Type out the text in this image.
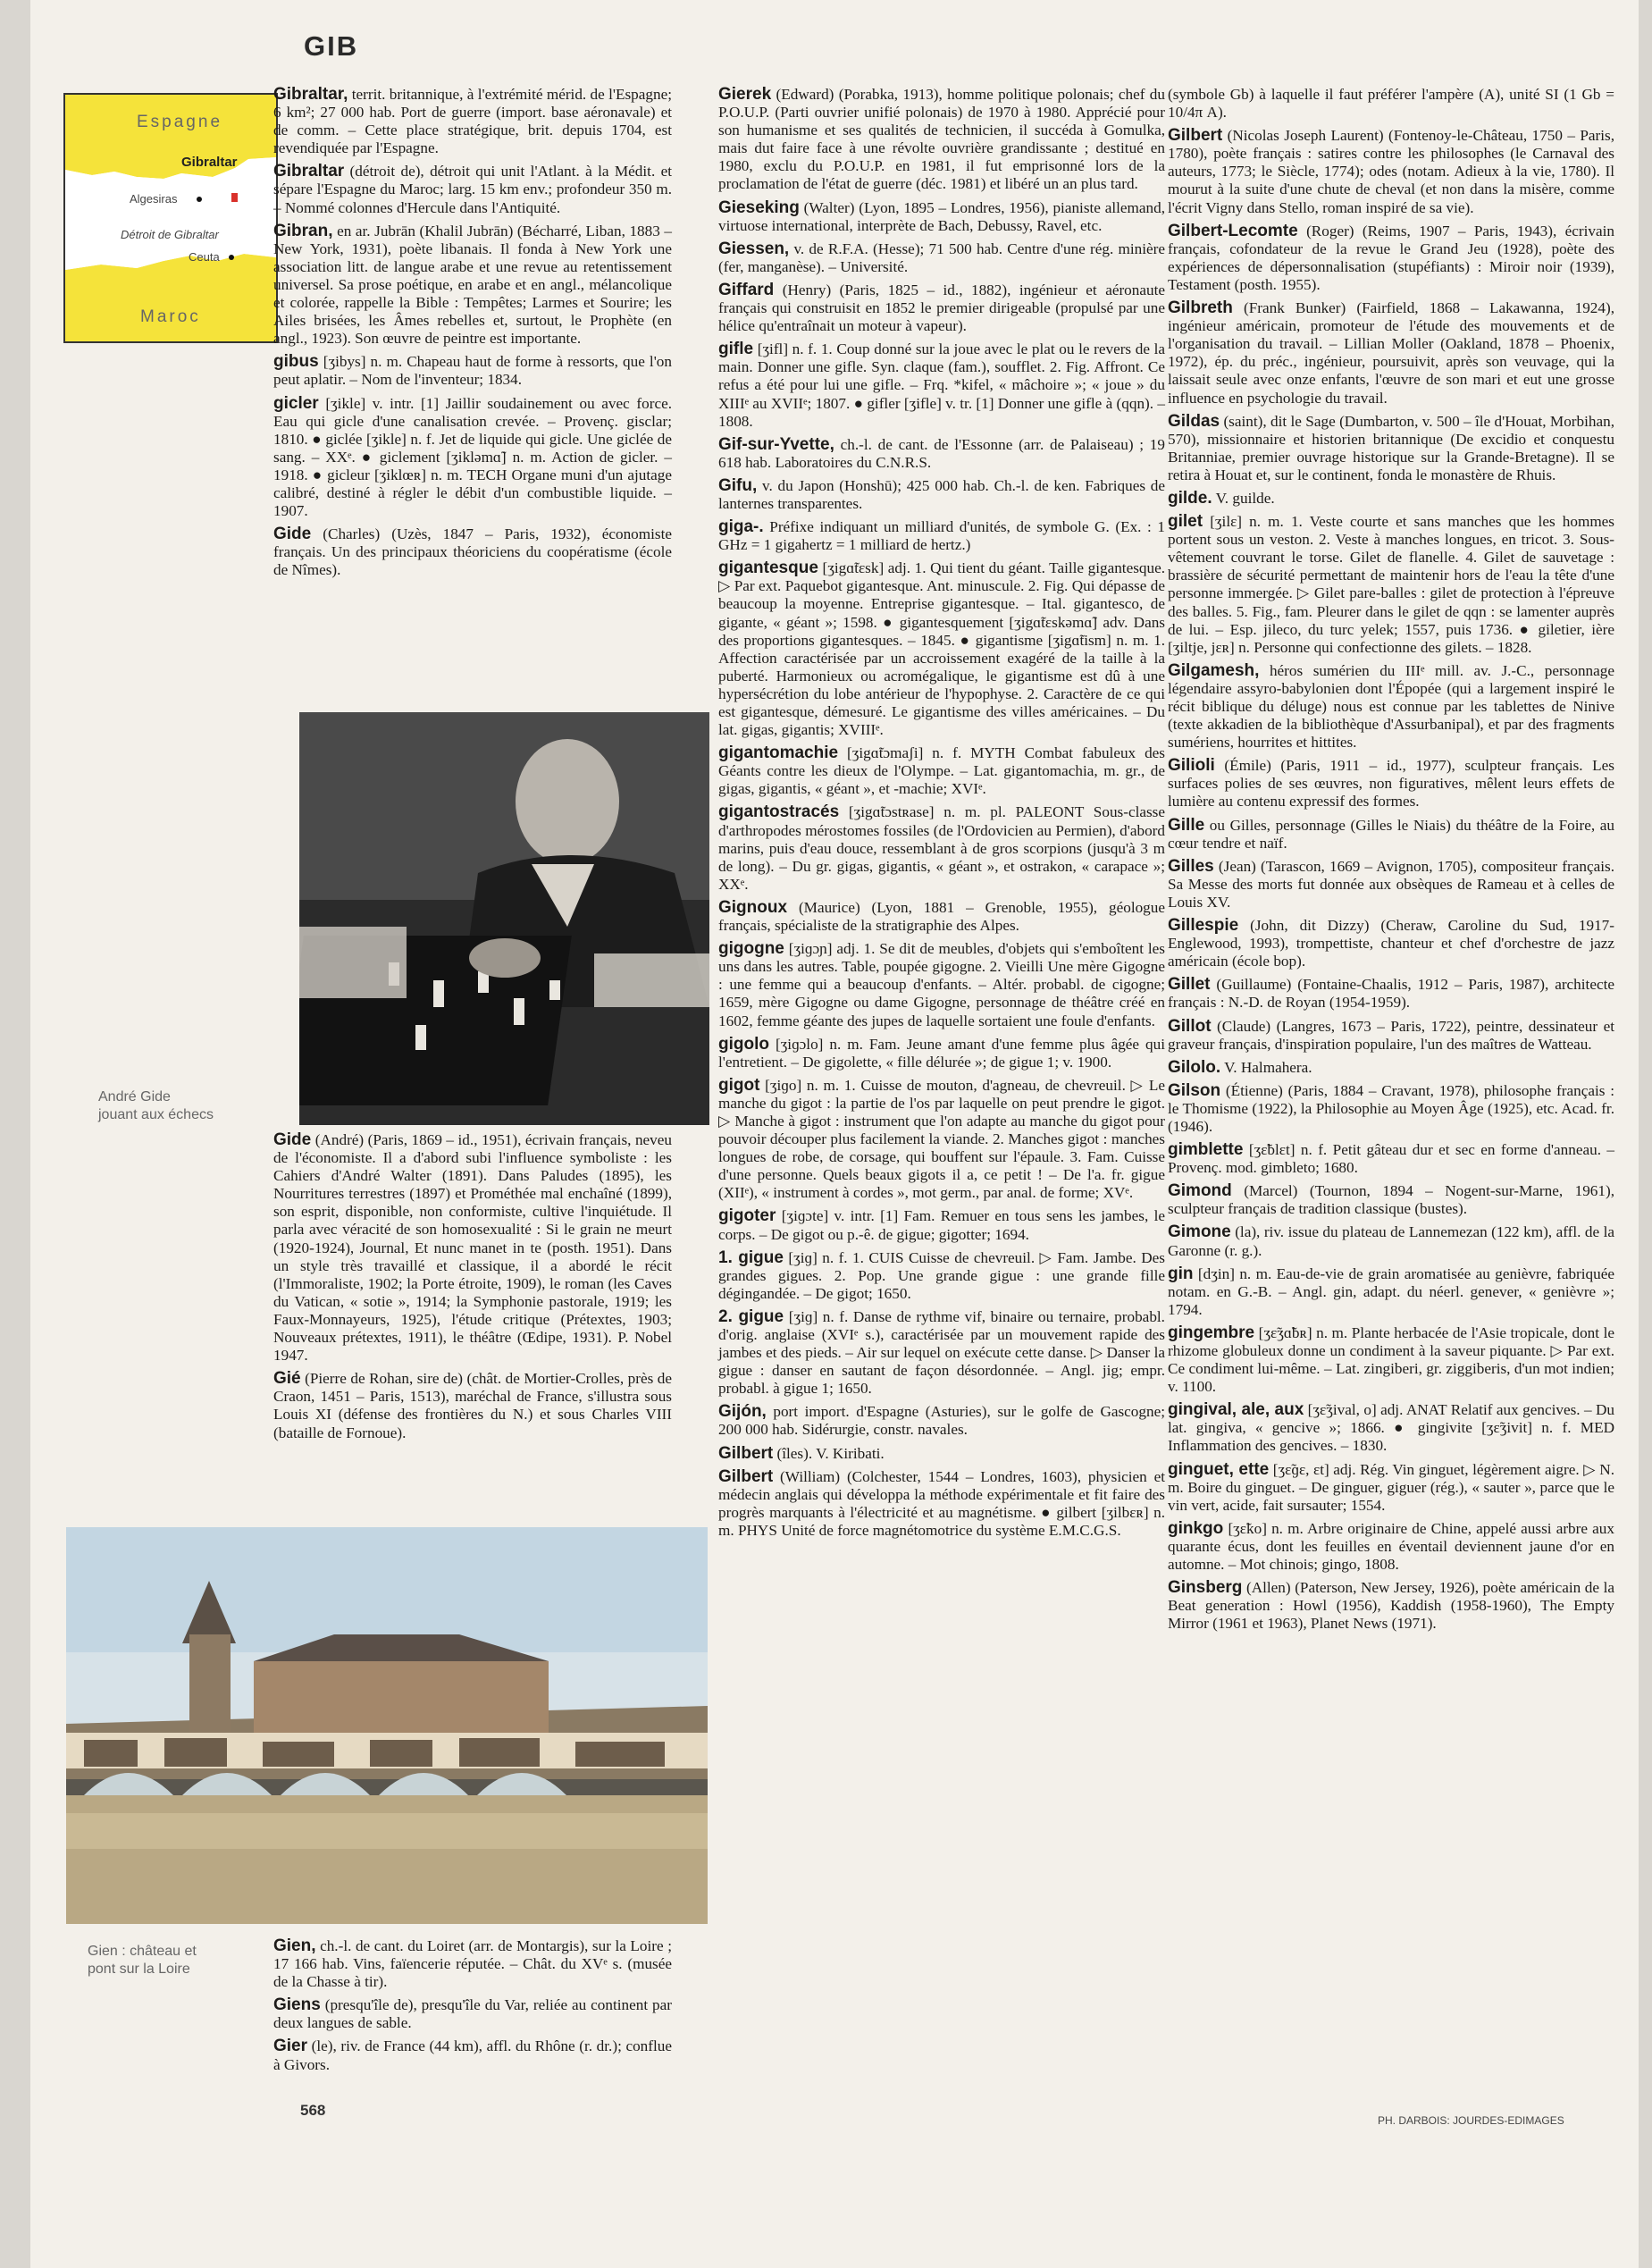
GIB
Espagne
Gibraltar
Algesiras
Détroit de Gibraltar
Ceuta
Maroc
Gibraltar, territ. britannique, à l'extrémité mérid. de l'Espagne; 6 km²; 27 000 hab. Port de guerre (import. base aéronavale) et de comm. – Cette place stratégique, brit. depuis 1704, est revendiquée par l'Espagne.
Gibraltar (détroit de), détroit qui unit l'Atlant. à la Médit. et sépare l'Espagne du Maroc; larg. 15 km env.; profondeur 350 m. – Nommé colonnes d'Hercule dans l'Antiquité.
Gibran, en ar. Jubrān (Khalil Jubrān) (Bécharré, Liban, 1883 – New York, 1931), poète libanais. Il fonda à New York une association litt. de langue arabe et une revue au retentissement universel. Sa prose poétique, en arabe et en angl., mélancolique et colorée, rappelle la Bible : Tempêtes; Larmes et Sourire; les Ailes brisées, les Âmes rebelles et, surtout, le Prophète (en angl., 1923). Son œuvre de peintre est importante.
gibus [ʒibys] n. m. Chapeau haut de forme à ressorts, que l'on peut aplatir. – Nom de l'inventeur; 1834.
gicler [ʒikle] v. intr. [1] Jaillir soudainement ou avec force. Eau qui gicle d'une canalisation crevée. – Provenç. gisclar; 1810. ● giclée [ʒikle] n. f. Jet de liquide qui gicle. Une giclée de sang. – XXᵉ. ● giclement [ʒikləmɑ̃] n. m. Action de gicler. – 1918. ● gicleur [ʒiklœʀ] n. m. TECH Organe muni d'un ajutage calibré, destiné à régler le débit d'un combustible liquide. – 1907.
Gide (Charles) (Uzès, 1847 – Paris, 1932), économiste français. Un des principaux théoriciens du coopératisme (école de Nîmes).
André Gide
jouant aux échecs
Gide (André) (Paris, 1869 – id., 1951), écrivain français, neveu de l'économiste. Il a d'abord subi l'influence symboliste : les Cahiers d'André Walter (1891). Dans Paludes (1895), les Nourritures terrestres (1897) et Prométhée mal enchaîné (1899), son esprit, disponible, non conformiste, cultive l'inquiétude. Il parla avec véracité de son homosexualité : Si le grain ne meurt (1920-1924), Journal, Et nunc manet in te (posth. 1951). Dans un style très travaillé et classique, il a abordé le récit (l'Immoraliste, 1902; la Porte étroite, 1909), le roman (les Caves du Vatican, « sotie », 1914; la Symphonie pastorale, 1919; les Faux-Monnayeurs, 1925), l'étude critique (Prétextes, 1903; Nouveaux prétextes, 1911), le théâtre (Œdipe, 1931). P. Nobel 1947.
Gié (Pierre de Rohan, sire de) (chât. de Mortier-Crolles, près de Craon, 1451 – Paris, 1513), maréchal de France, s'illustra sous Louis XI (défense des frontières du N.) et sous Charles VIII (bataille de Fornoue).
Gien : château et
pont sur la Loire
Gien, ch.-l. de cant. du Loiret (arr. de Montargis), sur la Loire ; 17 166 hab. Vins, faïencerie réputée. – Chât. du XVᵉ s. (musée de la Chasse à tir).
Giens (presqu'île de), presqu'île du Var, reliée au continent par deux langues de sable.
Gier (le), riv. de France (44 km), affl. du Rhône (r. dr.); conflue à Givors.
Gierek (Edward) (Porabka, 1913), homme politique polonais; chef du P.O.U.P. (Parti ouvrier unifié polonais) de 1970 à 1980. Apprécié pour son humanisme et ses qualités de technicien, il succéda à Gomulka, mais dut faire face à une révolte ouvrière grandissante ; destitué en 1980, exclu du P.O.U.P. en 1981, il fut emprisonné lors de la proclamation de l'état de guerre (déc. 1981) et libéré un an plus tard.
Gieseking (Walter) (Lyon, 1895 – Londres, 1956), pianiste allemand, virtuose international, interprète de Bach, Debussy, Ravel, etc.
Giessen, v. de R.F.A. (Hesse); 71 500 hab. Centre d'une rég. minière (fer, manganèse). – Université.
Giffard (Henry) (Paris, 1825 – id., 1882), ingénieur et aéronaute français qui construisit en 1852 le premier dirigeable (propulsé par une hélice qu'entraînait un moteur à vapeur).
gifle [ʒifl] n. f. 1. Coup donné sur la joue avec le plat ou le revers de la main. Donner une gifle. Syn. claque (fam.), soufflet. 2. Fig. Affront. Ce refus a été pour lui une gifle. – Frq. *kifel, « mâchoire »; « joue » du XIIIᵉ au XVIIᵉ; 1807. ● gifler [ʒifle] v. tr. [1] Donner une gifle à (qqn). – 1808.
Gif-sur-Yvette, ch.-l. de cant. de l'Essonne (arr. de Palaiseau) ; 19 618 hab. Laboratoires du C.N.R.S.
Gifu, v. du Japon (Honshū); 425 000 hab. Ch.-l. de ken. Fabriques de lanternes transparentes.
giga-. Préfixe indiquant un milliard d'unités, de symbole G. (Ex. : 1 GHz = 1 gigahertz = 1 milliard de hertz.)
gigantesque [ʒigɑ̃tɛsk] adj. 1. Qui tient du géant. Taille gigantesque. ▷ Par ext. Paquebot gigantesque. Ant. minuscule. 2. Fig. Qui dépasse de beaucoup la moyenne. Entreprise gigantesque. – Ital. gigantesco, de gigante, « géant »; 1598. ● gigantesquement [ʒigɑ̃tɛskəmɑ̃] adv. Dans des proportions gigantesques. – 1845. ● gigantisme [ʒigɑ̃tism] n. m. 1. Affection caractérisée par un accroissement exagéré de la taille à la puberté. Harmonieux ou acromégalique, le gigantisme est dû à une hypersécrétion du lobe antérieur de l'hypophyse. 2. Caractère de ce qui est gigantesque, démesuré. Le gigantisme des villes américaines. – Du lat. gigas, gigantis; XVIIIᵉ.
gigantomachie [ʒigɑ̃tɔmaʃi] n. f. MYTH Combat fabuleux des Géants contre les dieux de l'Olympe. – Lat. gigantomachia, m. gr., de gigas, gigantis, « géant », et -machie; XVIᵉ.
gigantostracés [ʒigɑ̃tɔstʀase] n. m. pl. PALEONT Sous-classe d'arthropodes mérostomes fossiles (de l'Ordovicien au Permien), d'abord marins, puis d'eau douce, ressemblant à de gros scorpions (jusqu'à 3 m de long). – Du gr. gigas, gigantis, « géant », et ostrakon, « carapace »; XXᵉ.
Gignoux (Maurice) (Lyon, 1881 – Grenoble, 1955), géologue français, spécialiste de la stratigraphie des Alpes.
gigogne [ʒiɡɔɲ] adj. 1. Se dit de meubles, d'objets qui s'emboîtent les uns dans les autres. Table, poupée gigogne. 2. Vieilli Une mère Gigogne : une femme qui a beaucoup d'enfants. – Altér. probabl. de cigogne; 1659, mère Gigogne ou dame Gigogne, personnage de théâtre créé en 1602, femme géante des jupes de laquelle sortaient une foule d'enfants.
gigolo [ʒiɡɔlo] n. m. Fam. Jeune amant d'une femme plus âgée qui l'entretient. – De gigolette, « fille délurée »; de gigue 1; v. 1900.
gigot [ʒiɡo] n. m. 1. Cuisse de mouton, d'agneau, de chevreuil. ▷ Le manche du gigot : la partie de l'os par laquelle on peut prendre le gigot. ▷ Manche à gigot : instrument que l'on adapte au manche du gigot pour pouvoir découper plus facilement la viande. 2. Manches gigot : manches longues de robe, de corsage, qui bouffent sur l'épaule. 3. Fam. Cuisse d'une personne. Quels beaux gigots il a, ce petit ! – De l'a. fr. gigue (XIIᵉ), « instrument à cordes », mot germ., par anal. de forme; XVᵉ.
gigoter [ʒiɡɔte] v. intr. [1] Fam. Remuer en tous sens les jambes, le corps. – De gigot ou p.-ê. de gigue; gigotter; 1694.
1. gigue [ʒiɡ] n. f. 1. CUIS Cuisse de chevreuil. ▷ Fam. Jambe. Des grandes gigues. 2. Pop. Une grande gigue : une grande fille dégingandée. – De gigot; 1650.
2. gigue [ʒiɡ] n. f. Danse de rythme vif, binaire ou ternaire, probabl. d'orig. anglaise (XVIᵉ s.), caractérisée par un mouvement rapide des jambes et des pieds. – Air sur lequel on exécute cette danse. ▷ Danser la gigue : danser en sautant de façon désordonnée. – Angl. jig; empr. probabl. à gigue 1; 1650.
Gijón, port import. d'Espagne (Asturies), sur le golfe de Gascogne; 200 000 hab. Sidérurgie, constr. navales.
Gilbert (îles). V. Kiribati.
Gilbert (William) (Colchester, 1544 – Londres, 1603), physicien et médecin anglais qui développa la méthode expérimentale et fit faire des progrès marquants à l'électricité et au magnétisme. ● gilbert [ʒilbɛʀ] n. m. PHYS Unité de force magnétomotrice du système E.M.C.G.S.
(symbole Gb) à laquelle il faut préférer l'ampère (A), unité SI (1 Gb = 10/4π A).
Gilbert (Nicolas Joseph Laurent) (Fontenoy-le-Château, 1750 – Paris, 1780), poète français : satires contre les philosophes (le Carnaval des auteurs, 1773; le Siècle, 1774); odes (notam. Adieux à la vie, 1780). Il mourut à la suite d'une chute de cheval (et non dans la misère, comme l'écrit Vigny dans Stello, roman inspiré de sa vie).
Gilbert-Lecomte (Roger) (Reims, 1907 – Paris, 1943), écrivain français, cofondateur de la revue le Grand Jeu (1928), poète des expériences de dépersonnalisation (stupéfiants) : Miroir noir (1939), Testament (posth. 1955).
Gilbreth (Frank Bunker) (Fairfield, 1868 – Lakawanna, 1924), ingénieur américain, promoteur de l'étude des mouvements et de l'organisation du travail. – Lillian Moller (Oakland, 1878 – Phoenix, 1972), ép. du préc., ingénieur, poursuivit, après son veuvage, qui la laissait seule avec onze enfants, l'œuvre de son mari et eut une grosse influence en psychologie du travail.
Gildas (saint), dit le Sage (Dumbarton, v. 500 – île d'Houat, Morbihan, 570), missionnaire et historien britannique (De excidio et conquestu Britanniae, premier ouvrage historique sur la Grande-Bretagne). Il se retira à Houat et, sur le continent, fonda le monastère de Rhuis.
gilde. V. guilde.
gilet [ʒilɛ] n. m. 1. Veste courte et sans manches que les hommes portent sous un veston. 2. Veste à manches longues, en tricot. 3. Sous-vêtement couvrant le torse. Gilet de flanelle. 4. Gilet de sauvetage : brassière de sécurité permettant de maintenir hors de l'eau la tête d'une personne immergée. ▷ Gilet pare-balles : gilet de protection à l'épreuve des balles. 5. Fig., fam. Pleurer dans le gilet de qqn : se lamenter auprès de lui. – Esp. jileco, du turc yelek; 1557, puis 1736. ● giletier, ière [ʒiltje, jɛʀ] n. Personne qui confectionne des gilets. – 1828.
Gilgamesh, héros sumérien du IIIᵉ mill. av. J.-C., personnage légendaire assyro-babylonien dont l'Épopée (qui a largement inspiré le récit biblique du déluge) nous est connue par les tablettes de Ninive (texte akkadien de la bibliothèque d'Assurbanipal), et par des fragments sumériens, hourrites et hittites.
Gilioli (Émile) (Paris, 1911 – id., 1977), sculpteur français. Les surfaces polies de ses œuvres, non figuratives, mêlent leurs effets de lumière au contenu expressif des formes.
Gille ou Gilles, personnage (Gilles le Niais) du théâtre de la Foire, au cœur tendre et naïf.
Gilles (Jean) (Tarascon, 1669 – Avignon, 1705), compositeur français. Sa Messe des morts fut donnée aux obsèques de Rameau et à celles de Louis XV.
Gillespie (John, dit Dizzy) (Cheraw, Caroline du Sud, 1917-Englewood, 1993), trompettiste, chanteur et chef d'orchestre de jazz américain (école bop).
Gillet (Guillaume) (Fontaine-Chaalis, 1912 – Paris, 1987), architecte français : N.-D. de Royan (1954-1959).
Gillot (Claude) (Langres, 1673 – Paris, 1722), peintre, dessinateur et graveur français, d'inspiration populaire, l'un des maîtres de Watteau.
Gilolo. V. Halmahera.
Gilson (Étienne) (Paris, 1884 – Cravant, 1978), philosophe français : le Thomisme (1922), la Philosophie au Moyen Âge (1925), etc. Acad. fr. (1946).
gimblette [ʒɛ̃blɛt] n. f. Petit gâteau dur et sec en forme d'anneau. – Provenç. mod. gimbleto; 1680.
Gimond (Marcel) (Tournon, 1894 – Nogent-sur-Marne, 1961), sculpteur français de tradition classique (bustes).
Gimone (la), riv. issue du plateau de Lannemezan (122 km), affl. de la Garonne (r. g.).
gin [dʒin] n. m. Eau-de-vie de grain aromatisée au genièvre, fabriquée notam. en G.-B. – Angl. gin, adapt. du néerl. genever, « genièvre »; 1794.
gingembre [ʒɛ̃ʒɑ̃bʀ] n. m. Plante herbacée de l'Asie tropicale, dont le rhizome globuleux donne un condiment à la saveur piquante. ▷ Par ext. Ce condiment lui-même. – Lat. zingiberi, gr. ziggiberis, d'un mot indien; v. 1100.
gingival, ale, aux [ʒɛ̃ʒival, o] adj. ANAT Relatif aux gencives. – Du lat. gingiva, « gencive »; 1866. ● gingivite [ʒɛ̃ʒivit] n. f. MED Inflammation des gencives. – 1830.
ginguet, ette [ʒɛ̃ɡɛ, ɛt] adj. Rég. Vin ginguet, légèrement aigre. ▷ N. m. Boire du ginguet. – De ginguer, giguer (rég.), « sauter », parce que le vin vert, acide, fait sursauter; 1554.
ginkgo [ʒɛ̃ko] n. m. Arbre originaire de Chine, appelé aussi arbre aux quarante écus, dont les feuilles en éventail deviennent jaune d'or en automne. – Mot chinois; gingo, 1808.
Ginsberg (Allen) (Paterson, New Jersey, 1926), poète américain de la Beat generation : Howl (1956), Kaddish (1958-1960), The Empty Mirror (1961 et 1963), Planet News (1971).
568
PH. DARBOIS: JOURDES-EDIMAGES
